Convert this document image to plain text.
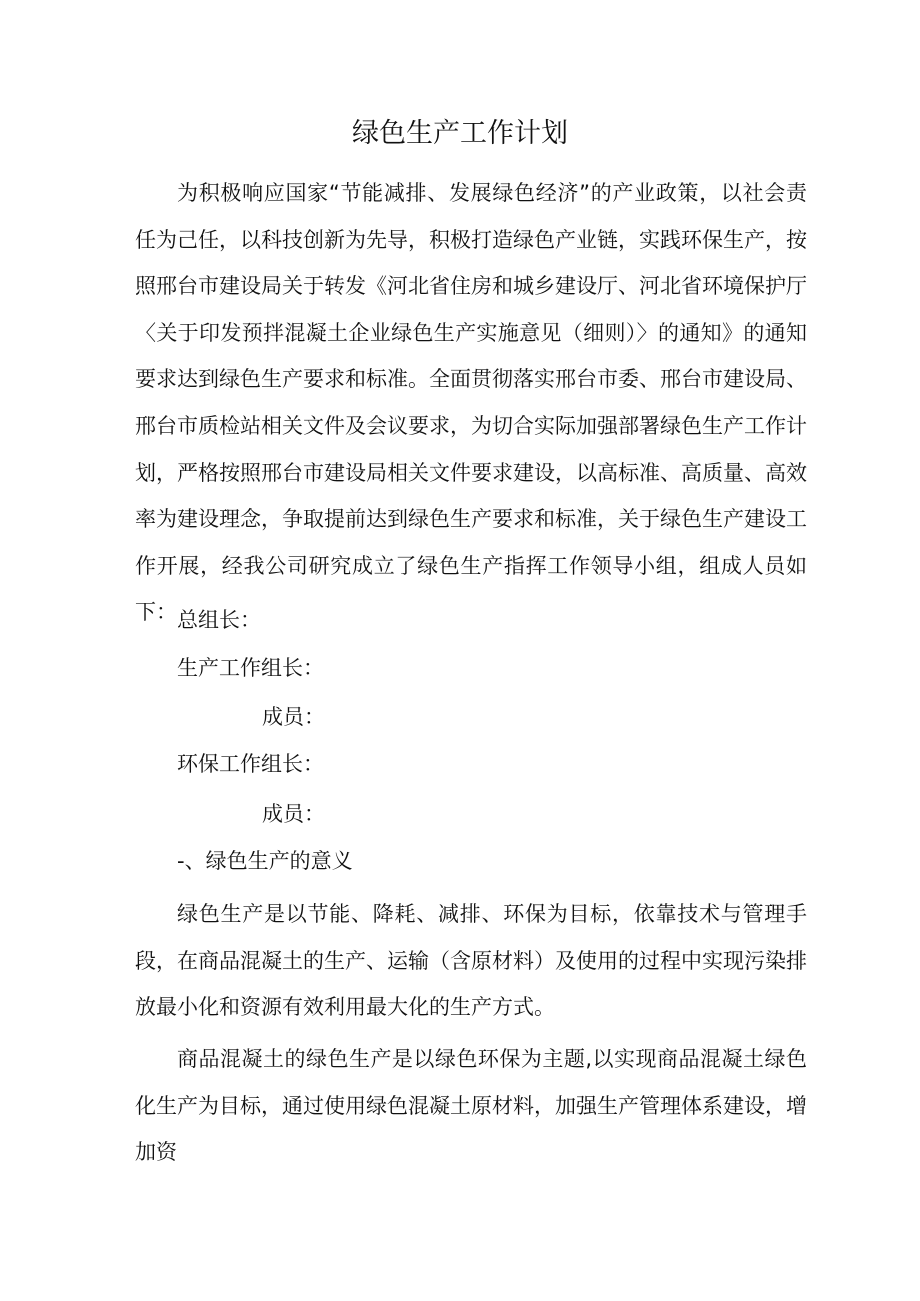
绿色生产工作计划

为积极响应国家“节能减排、发展绿色经济”的产业政策，以社会责任为己任，以科技创新为先导，积极打造绿色产业链，实践环保生产，按照邢台市建设局关于转发《河北省住房和城乡建设厅、河北省环境保护厅〈关于印发预拌混凝土企业绿色生产实施意见（细则）〉的通知》的通知要求达到绿色生产要求和标准。全面贯彻落实邢台市委、邢台市建设局、邢台市质检站相关文件及会议要求，为切合实际加强部署绿色生产工作计划，严格按照邢台市建设局相关文件要求建设，以高标准、高质量、高效率为建设理念，争取提前达到绿色生产要求和标准，关于绿色生产建设工作开展，经我公司研究成立了绿色生产指挥工作领导小组，组成人员如下： 总组长：
生产工作组长：
成员：
环保工作组长：
成员：
-、绿色生产的意义

绿色生产是以节能、降耗、减排、环保为目标，依靠技术与管理手段，在商品混凝土的生产、运输（含原材料）及使用的过程中实现污染排放最小化和资源有效利用最大化的生产方式。

商品混凝土的绿色生产是以绿色环保为主题,以实现商品混凝土绿色化生产为目标，通过使用绿色混凝土原材料，加强生产管理体系建设，增加资
